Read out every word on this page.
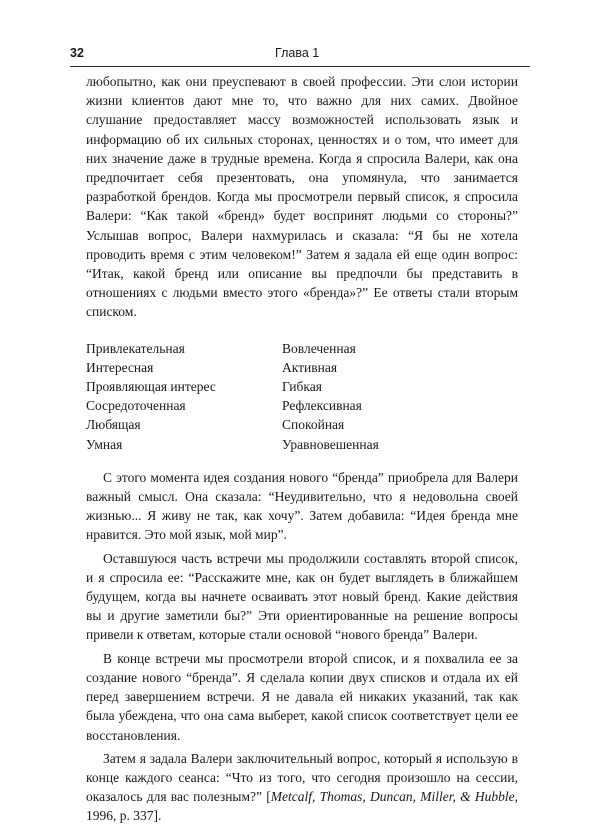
32	Глава 1

любопытно, как они преуспевают в своей профессии. Эти слои истории жизни клиентов дают мне то, что важно для них самих. Двойное слушание предоставляет массу возможностей использовать язык и информацию об их сильных сторонах, ценностях и о том, что имеет для них значение даже в трудные времена. Когда я спросила Валери, как она предпочитает себя презентовать, она упомянула, что занимается разработкой брендов. Когда мы просмотрели первый список, я спросила Валери: “Как такой «бренд» будет воспринят людьми со стороны?” Услышав вопрос, Валери нахмурилась и сказала: “Я бы не хотела проводить время с этим человеком!” Затем я задала ей еще один вопрос: “Итак, какой бренд или описание вы предпочли бы представить в отношениях с людьми вместо этого «бренда»?” Ее ответы стали вторым списком.

Привлекательная	Вовлеченная
Интересная	Активная
Проявляющая интерес	Гибкая
Сосредоточенная	Рефлексивная
Любящая	Спокойная
Умная	Уравновешенная

С этого момента идея создания нового “бренда” приобрела для Валери важный смысл. Она сказала: “Неудивительно, что я недовольна своей жизнью... Я живу не так, как хочу”. Затем добавила: “Идея бренда мне нравится. Это мой язык, мой мир”.

Оставшуюся часть встречи мы продолжили составлять второй список, и я спросила ее: “Расскажите мне, как он будет выглядеть в ближайшем будущем, когда вы начнете осваивать этот новый бренд. Какие действия вы и другие заметили бы?” Эти ориентированные на решение вопросы привели к ответам, которые стали основой “нового бренда” Валери.

В конце встречи мы просмотрели второй список, и я похвалила ее за создание нового “бренда”. Я сделала копии двух списков и отдала их ей перед завершением встречи. Я не давала ей никаких указаний, так как была убеждена, что она сама выберет, какой список соответствует цели ее восстановления.

Затем я задала Валери заключительный вопрос, который я использую в конце каждого сеанса: “Что из того, что сегодня произошло на сессии, оказалось для вас полезным?” [Metcalf, Thomas, Duncan, Miller, & Hubble, 1996, p. 337].
